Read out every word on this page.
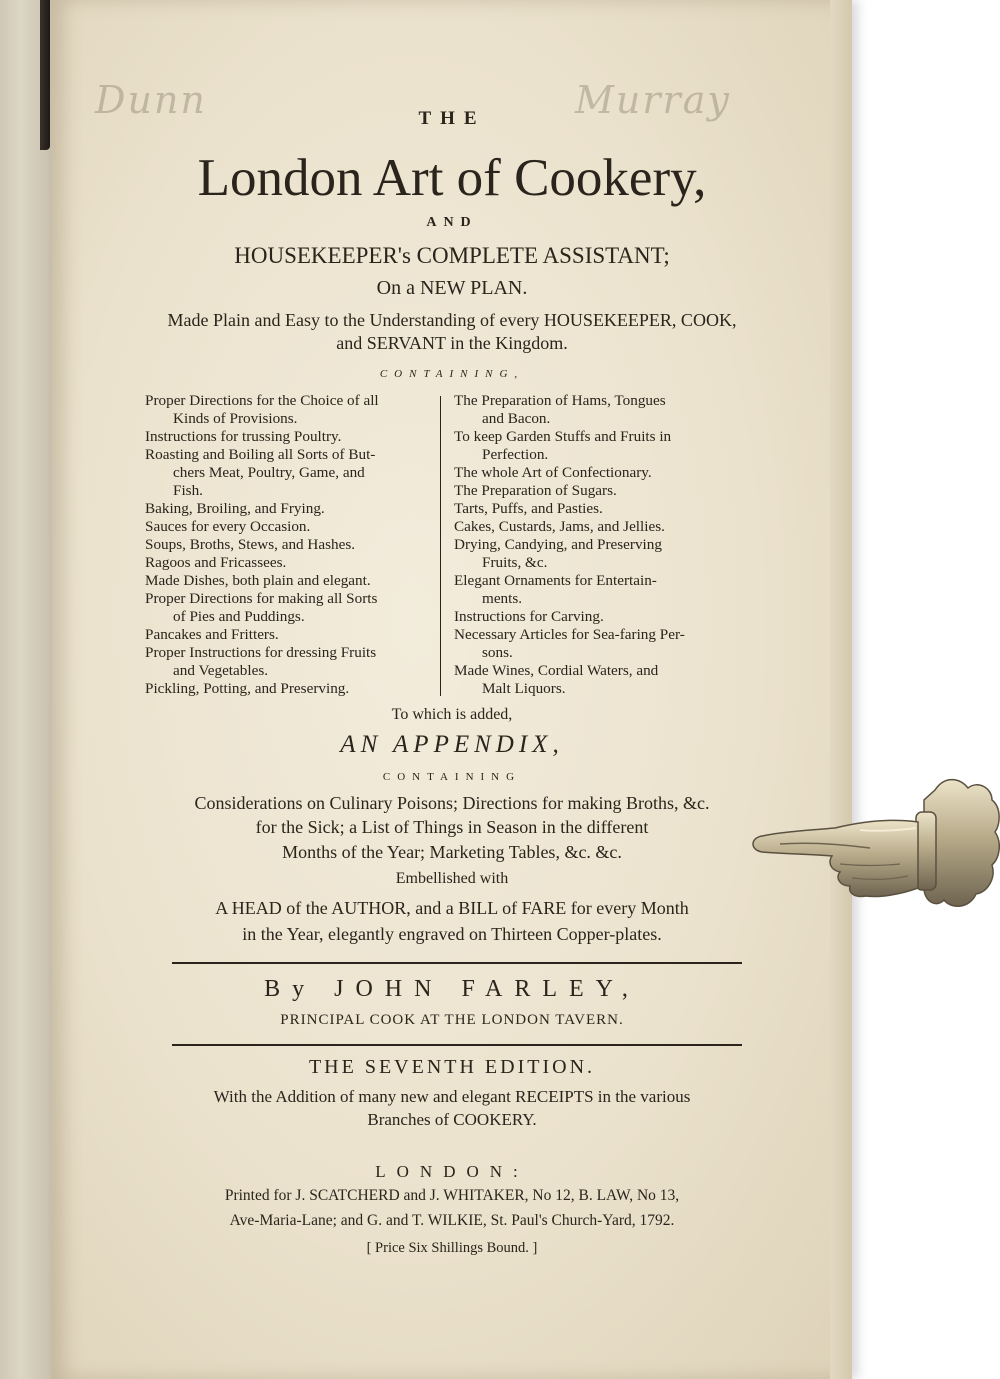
Dunn	Murray
THE
London Art of Cookery,
AND
HOUSEKEEPER's COMPLETE ASSISTANT;
On a NEW PLAN.
Made Plain and Easy to the Understanding of every HOUSEKEEPER, COOK,
and SERVANT in the Kingdom.
CONTAINING,
Proper Directions for the Choice of all
Kinds of Provisions.
Instructions for trussing Poultry.
Roasting and Boiling all Sorts of But-
chers Meat, Poultry, Game, and
Fish.
Baking, Broiling, and Frying.
Sauces for every Occasion.
Soups, Broths, Stews, and Hashes.
Ragoos and Fricassees.
Made Dishes, both plain and elegant.
Proper Directions for making all Sorts
of Pies and Puddings.
Pancakes and Fritters.
Proper Instructions for dressing Fruits
and Vegetables.
Pickling, Potting, and Preserving.
The Preparation of Hams, Tongues
and Bacon.
To keep Garden Stuffs and Fruits in
Perfection.
The whole Art of Confectionary.
The Preparation of Sugars.
Tarts, Puffs, and Pasties.
Cakes, Custards, Jams, and Jellies.
Drying, Candying, and Preserving
Fruits, &c.
Elegant Ornaments for Entertain-
ments.
Instructions for Carving.
Necessary Articles for Sea-faring Per-
sons.
Made Wines, Cordial Waters, and
Malt Liquors.
To which is added,
AN APPENDIX,
CONTAINING
Considerations on Culinary Poisons; Directions for making Broths, &c.
for the Sick; a List of Things in Season in the different
Months of the Year; Marketing Tables, &c. &c.
Embellished with
A HEAD of the AUTHOR, and a BILL of FARE for every Month
in the Year, elegantly engraved on Thirteen Copper-plates.
By JOHN FARLEY,
PRINCIPAL COOK AT THE LONDON TAVERN.
THE SEVENTH EDITION.
With the Addition of many new and elegant RECEIPTS in the various
Branches of COOKERY.
LONDON:
Printed for J. SCATCHERD and J. WHITAKER, No 12, B. LAW, No 13,
Ave-Maria-Lane; and G. and T. WILKIE, St. Paul's Church-Yard, 1792.
[ Price Six Shillings Bound. ]
